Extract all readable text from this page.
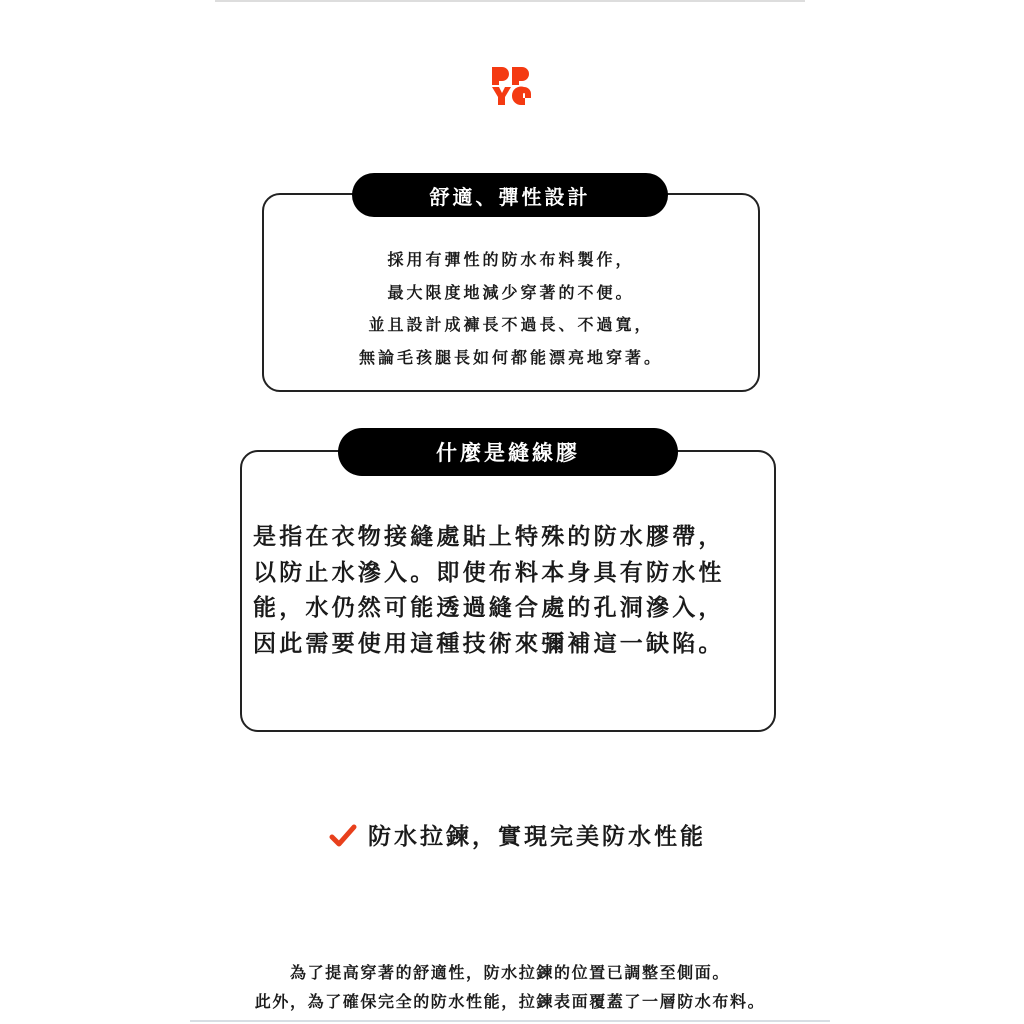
舒適、彈性設計
採用有彈性的防水布料製作，
最大限度地減少穿著的不便。
並且設計成褲長不過長、不過寬，
無論毛孩腿長如何都能漂亮地穿著。
什麼是縫線膠
是指在衣物接縫處貼上特殊的防水膠帶，
以防止水滲入。即使布料本身具有防水性
能，水仍然可能透過縫合處的孔洞滲入，
因此需要使用這種技術來彌補這一缺陷。
防水拉鍊，實現完美防水性能
為了提高穿著的舒適性，防水拉鍊的位置已調整至側面。
此外，為了確保完全的防水性能，拉鍊表面覆蓋了一層防水布料。
